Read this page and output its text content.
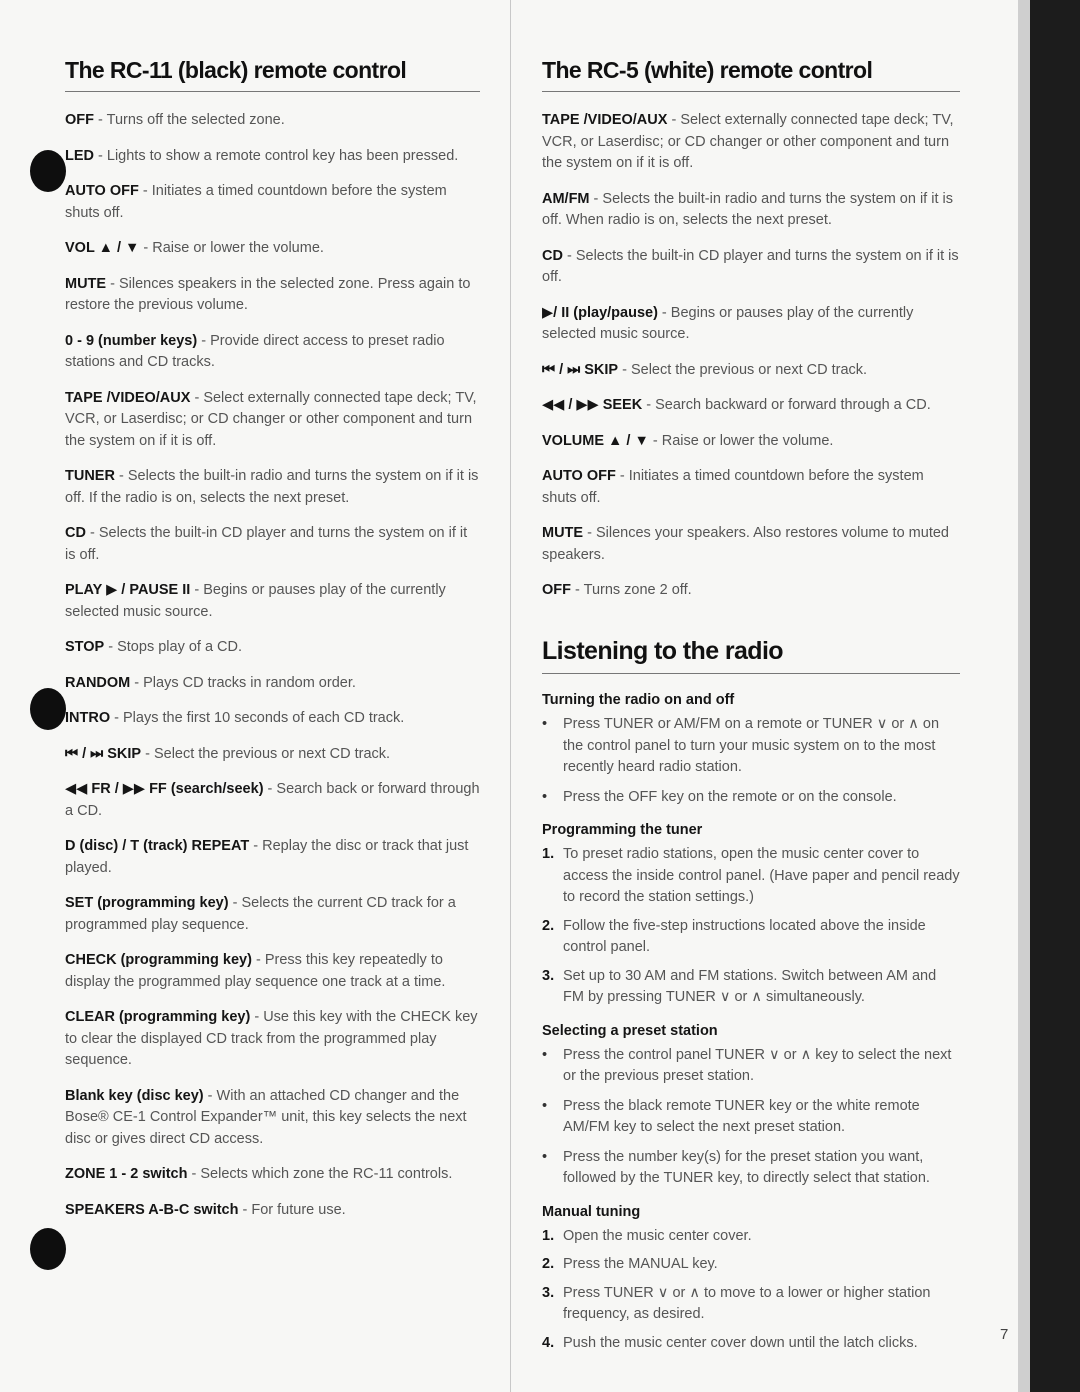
The RC-11 (black) remote control

OFF - Turns off the selected zone.

LED - Lights to show a remote control key has been pressed.

AUTO OFF - Initiates a timed countdown before the system shuts off.

VOL ▲ / ▼ - Raise or lower the volume.

MUTE - Silences speakers in the selected zone. Press again to restore the previous volume.

0 - 9 (number keys) - Provide direct access to preset radio stations and CD tracks.

TAPE /VIDEO/AUX - Select externally connected tape deck; TV, VCR, or Laserdisc; or CD changer or other component and turn the system on if it is off.

TUNER - Selects the built-in radio and turns the system on if it is off. If the radio is on, selects the next preset.

CD - Selects the built-in CD player and turns the system on if it is off.

PLAY ▶ / PAUSE II - Begins or pauses play of the currently selected music source.

STOP - Stops play of a CD.

RANDOM - Plays CD tracks in random order.

INTRO - Plays the first 10 seconds of each CD track.

⏮ / ⏭ SKIP - Select the previous or next CD track.

◀◀ FR / ▶▶ FF (search/seek) - Search back or forward through a CD.

D (disc) / T (track) REPEAT - Replay the disc or track that just played.

SET (programming key) - Selects the current CD track for a programmed play sequence.

CHECK (programming key) - Press this key repeatedly to display the programmed play sequence one track at a time.

CLEAR (programming key) - Use this key with the CHECK key to clear the displayed CD track from the programmed play sequence.

Blank key (disc key) - With an attached CD changer and the Bose® CE-1 Control Expander™ unit, this key selects the next disc or gives direct CD access.

ZONE 1 - 2 switch - Selects which zone the RC-11 controls.

SPEAKERS A-B-C switch - For future use.

The RC-5 (white) remote control

TAPE /VIDEO/AUX - Select externally connected tape deck; TV, VCR, or Laserdisc; or CD changer or other component and turn the system on if it is off.

AM/FM - Selects the built-in radio and turns the system on if it is off. When radio is on, selects the next preset.

CD - Selects the built-in CD player and turns the system on if it is off.

▶/ II (play/pause) - Begins or pauses play of the currently selected music source.

⏮ / ⏭ SKIP - Select the previous or next CD track.

◀◀ / ▶▶ SEEK - Search backward or forward through a CD.

VOLUME ▲ / ▼ - Raise or lower the volume.

AUTO OFF - Initiates a timed countdown before the system shuts off.

MUTE - Silences your speakers. Also restores volume to muted speakers.

OFF - Turns zone 2 off.

Listening to the radio
Turning the radio on and off
• Press TUNER or AM/FM on a remote or TUNER ∨ or ∧ on the control panel to turn your music system on to the most recently heard radio station.
• Press the OFF key on the remote or on the console.
Programming the tuner
1. To preset radio stations, open the music center cover to access the inside control panel. (Have paper and pencil ready to record the station settings.)
2. Follow the five-step instructions located above the inside control panel.
3. Set up to 30 AM and FM stations. Switch between AM and FM by pressing TUNER ∨ or ∧ simultaneously.
Selecting a preset station
• Press the control panel TUNER ∨ or ∧ key to select the next or the previous preset station.
• Press the black remote TUNER key or the white remote AM/FM key to select the next preset station.
• Press the number key(s) for the preset station you want, followed by the TUNER key, to directly select that station.
Manual tuning
1. Open the music center cover.
2. Press the MANUAL key.
3. Press TUNER ∨ or ∧ to move to a lower or higher station frequency, as desired.
4. Push the music center cover down until the latch clicks.	7
